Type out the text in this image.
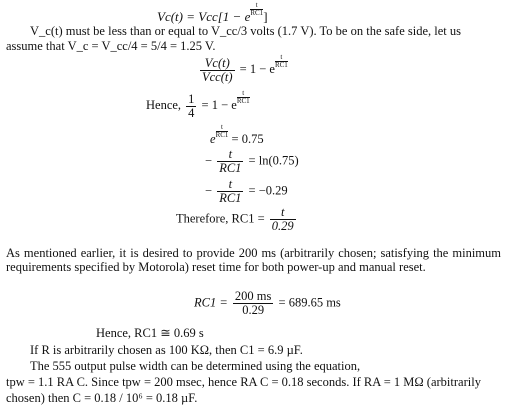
Vc(t) = Vcc[1 − e $\frac{t}{RC1}$ ]
V_c(t) must be less than or equal to V_cc/3 volts (1.7 V). To be on the safe side, let us
assume that V_c = V_cc/4 = 5/4 = 1.25 V.
$\frac{Vc(t)}{\text{Vcc(t)}} = 1 - e \frac{t}{RC1}$
Hence, $\frac{1}{4} = 1 - e \frac{t}{RC1}$
e $\frac{t}{RC1} = 0.75$
− $\frac{t}{RC1} = \ln(0.75)$
− $\frac{t}{RC1} = -0.29$
Therefore, $RC1 = \frac{t}{0.29}$
As mentioned earlier, it is desired to provide 200 ms (arbitrarily chosen; satisfying the minimum requirements specified by Motorola) reset time for both power-up and manual reset.
$RC1 = \frac{200 ms}{0.29} = 689.65$ ms
Hence, RC1 ≅ 0.69 s
If R is arbitrarily chosen as 100 KΩ, then C1 = 6.9 µF.
The 555 output pulse width can be determined using the equation,
tpw = 1.1 RA C. Since tpw = 200 msec, hence RA C = 0.18 seconds. If RA = 1 MΩ (arbitrarily
chosen) then C = 0.18 / 10⁶ = 0.18 µF.
